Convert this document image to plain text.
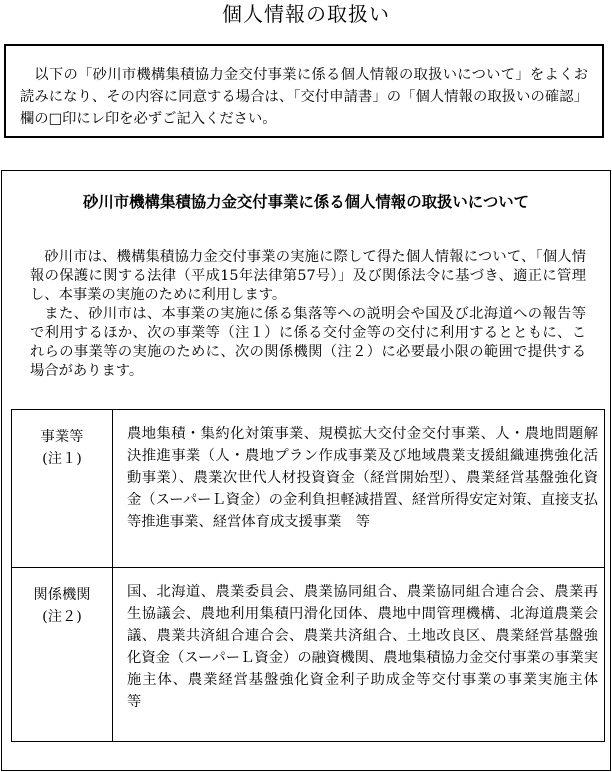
個人情報の取扱い

以下の「砂川市機構集積協力金交付事業に係る個人情報の取扱いについて」をよくお読みになり、その内容に同意する場合は、「交付申請書」の「個人情報の取扱いの確認」欄の□印にレ印を必ずご記入ください。

砂川市機構集積協力金交付事業に係る個人情報の取扱いについて

砂川市は、機構集積協力金交付事業の実施に際して得た個人情報について、「個人情報の保護に関する法律（平成15年法律第57号）」及び関係法令に基づき、適正に管理し、本事業の実施のために利用します。

また、砂川市は、本事業の実施に係る集落等への説明会や国及び北海道への報告等で利用するほか、次の事業等（注１）に係る交付金等の交付に利用するとともに、これらの事業等の実施のために、次の関係機関（注２）に必要最小限の範囲で提供する場合があります。

事業等
(注１)	農地集積・集約化対策事業、規模拡大交付金交付事業、人・農地問題解決推進事業（人・農地プラン作成事業及び地域農業支援組織連携強化活動事業）、農業次世代人材投資資金（経営開始型）、農業経営基盤強化資金（スーパーＬ資金）の金利負担軽減措置、経営所得安定対策、直接支払等推進事業、経営体育成支援事業　等

関係機関
(注２)	国、北海道、農業委員会、農業協同組合、農業協同組合連合会、農業再生協議会、農地利用集積円滑化団体、農地中間管理機構、北海道農業会議、農業共済組合連合会、農業共済組合、土地改良区、農業経営基盤強化資金（スーパーＬ資金）の融資機関、農地集積協力金交付事業の事業実施主体、農業経営基盤強化資金利子助成金等交付事業の事業実施主体　等
